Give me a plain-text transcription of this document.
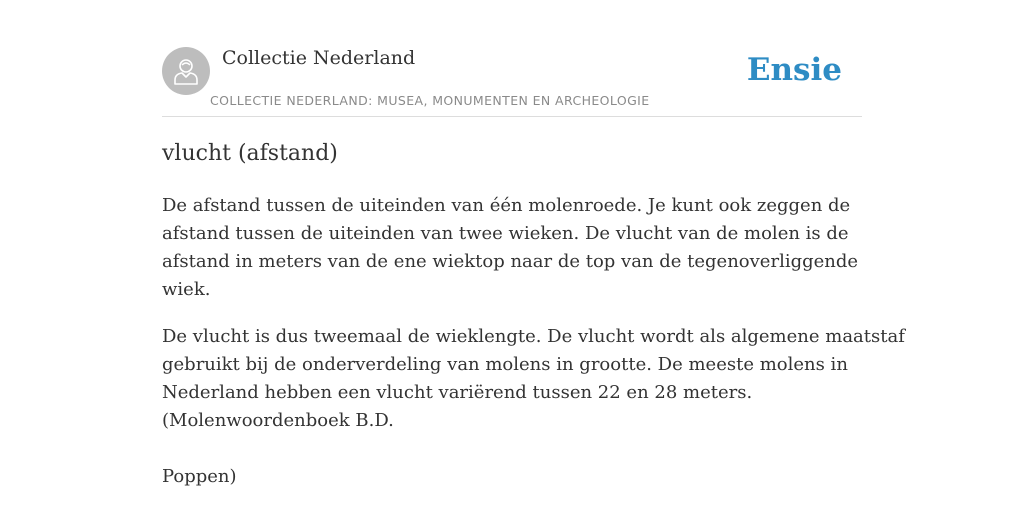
Collectie Nederland
COLLECTIE NEDERLAND: MUSEA, MONUMENTEN EN ARCHEOLOGIE
Ensie
vlucht (afstand)

De afstand tussen de uiteinden van één molenroede. Je kunt ook zeggen de

afstand tussen de uiteinden van twee wieken. De vlucht van de molen is de

afstand in meters van de ene wiektop naar de top van de tegenoverliggende

wiek.

De vlucht is dus tweemaal de wieklengte. De vlucht wordt als algemene maatstaf

gebruikt bij de onderverdeling van molens in grootte. De meeste molens in

Nederland hebben een vlucht variërend tussen 22 en 28 meters.

(Molenwoordenboek B.D.

Poppen)
